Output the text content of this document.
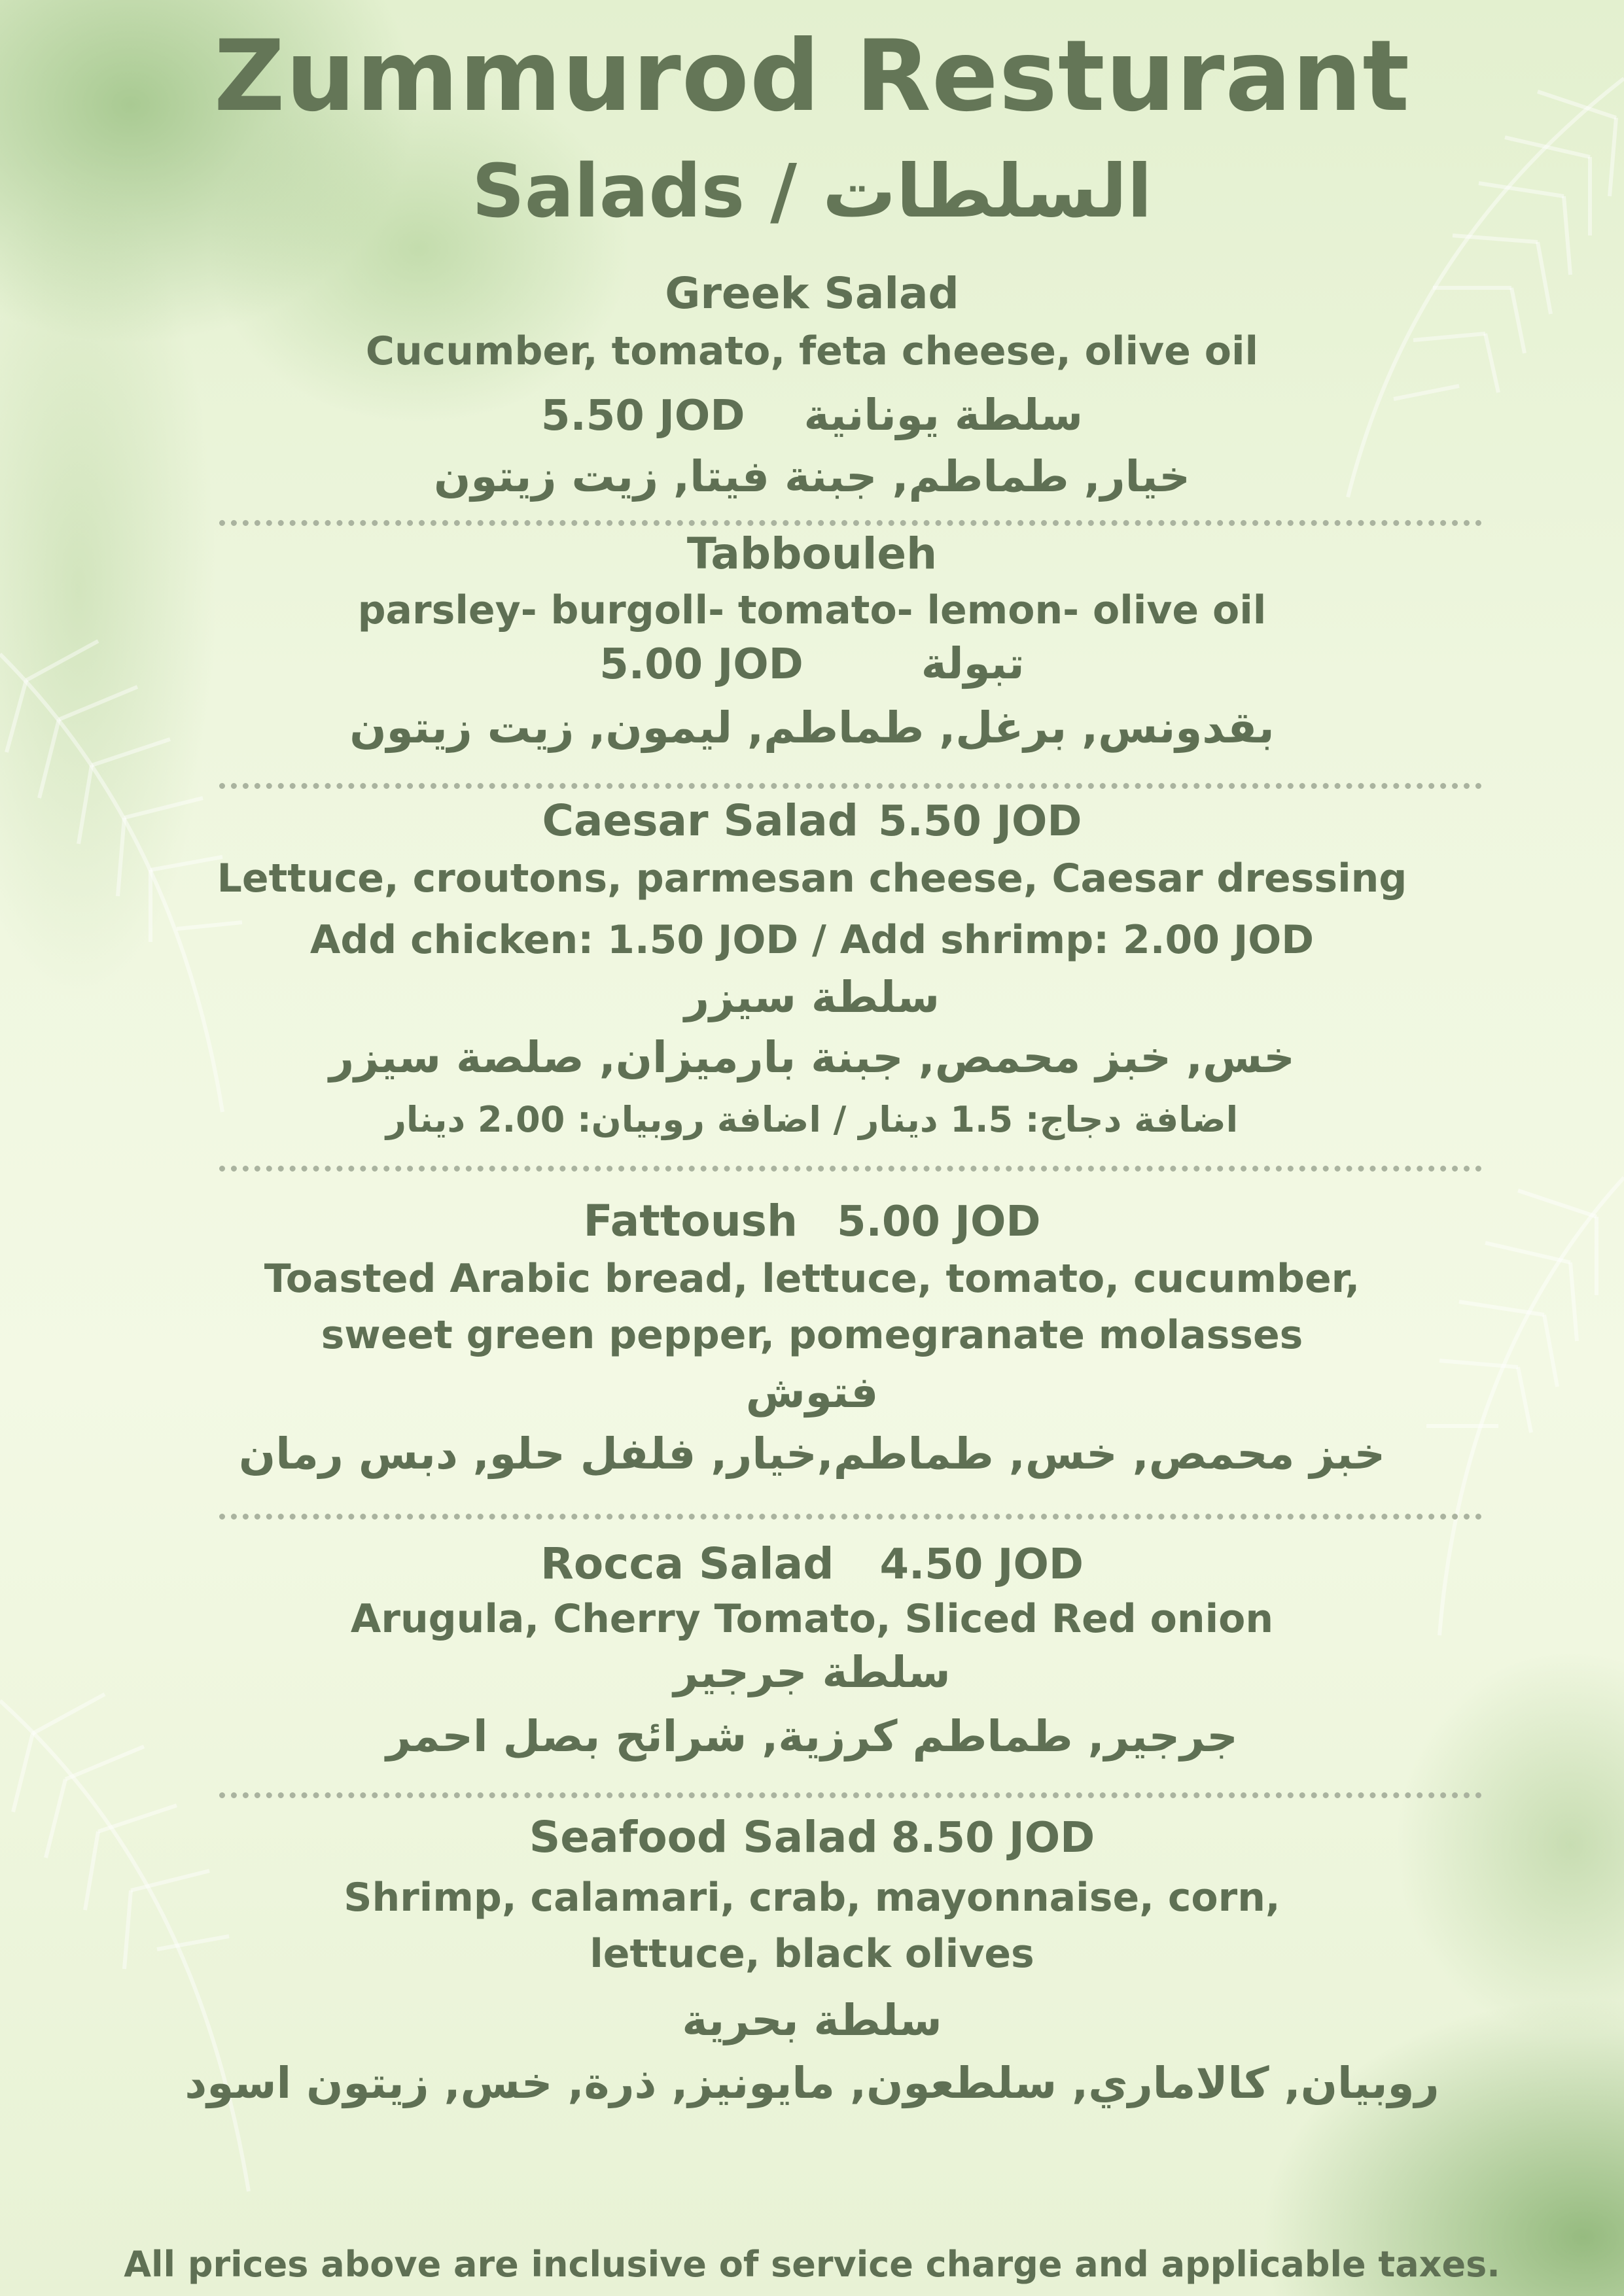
Zummurod Resturant
Salads / السلطات
Greek Salad
Cucumber, tomato, feta cheese, olive oil
5.50 JOD سلطة يونانية
خيار, طماطم, جبنة فيتا, زيت زيتون
Tabbouleh
parsley- burgoll- tomato- lemon- olive oil
5.00 JOD	تبولة
بقدونس, برغل, طماطم, ليمون, زيت زيتون
Caesar Salad 5.50 JOD
Lettuce, croutons, parmesan cheese, Caesar dressing
Add chicken: 1.50 JOD / Add shrimp: 2.00 JOD
سلطة سيزر
خس, خبز محمص, جبنة بارميزان, صلصة سيزر
اضافة دجاج: 1.5 دينار / اضافة روبيان: 2.00 دينار
Fattoush 5.00 JOD
Toasted Arabic bread, lettuce, tomato, cucumber,
sweet green pepper, pomegranate molasses
فتوش
خبز محمص, خس, طماطم,خيار, فلفل حلو, دبس رمان
Rocca Salad 4.50 JOD
Arugula, Cherry Tomato, Sliced Red onion
سلطة جرجير
جرجير, طماطم كرزية, شرائح بصل احمر
Seafood Salad 8.50 JOD
Shrimp, calamari, crab, mayonnaise, corn,
lettuce, black olives
سلطة بحرية
روبيان, كالاماري, سلطعون, مايونيز, ذرة, خس, زيتون اسود
All prices above are inclusive of service charge and applicable taxes.
